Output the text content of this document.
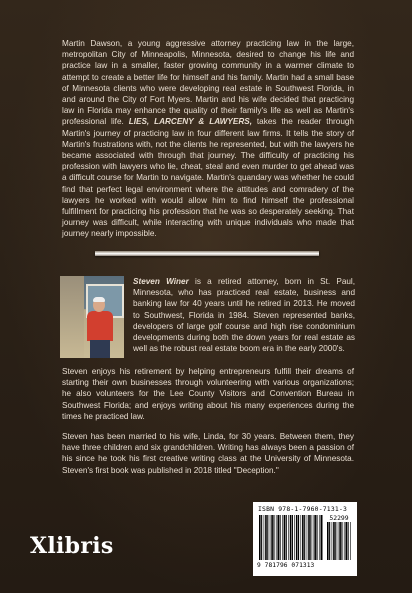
Martin Dawson, a young aggressive attorney practicing law in the large, metropolitan City of Minneapolis, Minnesota, desired to change his life and practice law in a smaller, faster growing community in a warmer climate to attempt to create a better life for himself and his family. Martin had a small base of Minnesota clients who were developing real estate in Southwest Florida, in and around the City of Fort Myers. Martin and his wife decided that practicing law in Florida may enhance the quality of their family's life as well as Martin's professional life. LIES, LARCENY & LAWYERS, takes the reader through Martin's journey of practicing law in four different law firms. It tells the story of Martin's frustrations with, not the clients he represented, but with the lawyers he became associated with through that journey. The difficulty of practicing his profession with lawyers who lie, cheat, steal and even murder to get ahead was a difficult course for Martin to navigate. Martin's quandary was whether he could find that perfect legal environment where the attitudes and comradery of the lawyers he worked with would allow him to find himself the professional fulfillment for practicing his profession that he was so desperately seeking. That journey was difficult, while interacting with unique individuals who made that journey nearly impossible.

Steven Winer is a retired attorney, born in St. Paul, Minnesota, who has practiced real estate, business and banking law for 40 years until he retired in 2013. He moved to Southwest, Florida in 1984. Steven represented banks, developers of large golf course and high rise condominium developments during both the down years for real estate as well as the robust real estate boom era in the early 2000's.

Steven enjoys his retirement by helping entrepreneurs fulfill their dreams of starting their own businesses through volunteering with various organizations; he also volunteers for the Lee County Visitors and Convention Bureau in Southwest Florida; and enjoys writing about his many experiences during the times he practiced law.

Steven has been married to his wife, Linda, for 30 years. Between them, they have three children and six grandchildren. Writing has always been a passion of his since he took his first creative writing class at the University of Minnesota. Steven's first book was published in 2018 titled "Deception."

ISBN 978-1-7960-7131-3
52299
9 781796 071313
Xlibris
